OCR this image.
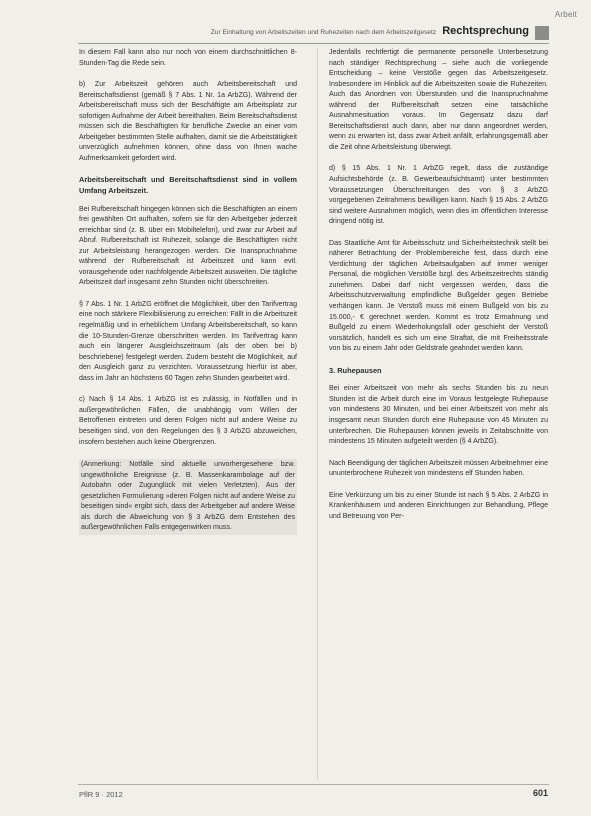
Arbeit
Zur Einhaltung von Arbeitszeiten und Ruhezeiten nach dem Arbeitszeitgesetz Rechtsprechung

In diesem Fall kann also nur noch von einem durchschnittlichen 8-Stunden-Tag die Rede sein.

b) Zur Arbeitszeit gehören auch Arbeitsbereitschaft und Bereitschaftsdienst (gemäß § 7 Abs. 1 Nr. 1a ArbZG). Während der Arbeitsbereitschaft muss sich der Beschäftigte am Arbeitsplatz zur sofortigen Aufnahme der Arbeit bereithalten. Beim Bereitschaftsdienst müssen sich die Beschäftigten für berufliche Zwecke an einer vom Arbeitgeber bestimmten Stelle aufhalten, damit sie die Arbeitstätigkeit unverzüglich aufnehmen können, ohne dass von Ihnen wache Aufmerksamkeit gefordert wird.

Arbeitsbereitschaft und Bereitschaftsdienst sind in vollem Umfang Arbeitszeit.

Bei Rufbereitschaft hingegen können sich die Beschäftigten an einem frei gewählten Ort aufhalten, sofern sie für den Arbeitgeber jederzeit erreichbar sind (z. B. über ein Mobiltelefon), und zwar zur Arbeit auf Abruf. Rufbereitschaft ist Ruhezeit, solange die Beschäftigten nicht zur Arbeitsleistung herangezogen werden. Die Inanspruchnahme während der Rufbereitschaft ist Arbeitszeit und kann evtl. vorausgehende oder nachfolgende Arbeitszeit ausweiten. Die tägliche Arbeitszeit darf insgesamt zehn Stunden nicht überschreiten.

§ 7 Abs. 1 Nr. 1 ArbZG eröffnet die Möglichkeit, über den Tarifvertrag eine noch stärkere Flexibilisierung zu erreichen: Fällt in die Arbeitszeit regelmäßig und in erheblichem Umfang Arbeitsbereitschaft, so kann die 10-Stunden-Grenze überschritten werden. Im Tarifvertrag kann auch ein längerer Ausgleichszeitraum (als der oben bei b) beschriebene) festgelegt werden. Zudem besteht die Möglichkeit, auf den Ausgleich ganz zu verzichten. Voraussetzung hierfür ist aber, dass im Jahr an höchstens 60 Tagen zehn Stunden gearbeitet wird.

c) Nach § 14 Abs. 1 ArbZG ist es zulässig, in Notfällen und in außergewöhnlichen Fällen, die unabhängig vom Willen der Betroffenen eintreten und deren Folgen nicht auf andere Weise zu beseitigen sind, von den Regelungen des § 3 ArbZG abzuweichen, insofern bestehen auch keine Obergrenzen.

(Anmerkung: Notfälle sind aktuelle unvorhergesehene bzw. ungewöhnliche Ereignisse (z. B. Massenkarambolage auf der Autobahn oder Zugunglück mit vielen Verletzten). Aus der gesetzlichen Formulierung »deren Folgen nicht auf andere Weise zu beseitigen sind« ergibt sich, dass der Arbeitgeber auf andere Weise als durch die Abweichung von § 3 ArbZG dem Entstehen des außergewöhnlichen Falls entgegenwirken muss.

Jedenfalls rechtfertigt die permanente personelle Unterbesetzung nach ständiger Rechtsprechung – siehe auch die vorliegende Entscheidung – keine Verstöße gegen das Arbeitszeitgesetz. Insbesondere im Hinblick auf die Arbeitszeiten sowie die Ruhezeiten. Auch das Anordnen von Überstunden und die Inanspruchnahme während der Rufbereitschaft setzen eine tatsächliche Ausnahmesituation voraus. Im Gegensatz dazu darf Bereitschaftsdienst auch dann, aber nur dann angeordnet werden, wenn zu erwarten ist, dass zwar Arbeit anfällt, erfahrungsgemäß aber die Zeit ohne Arbeitsleistung überwiegt.

d) § 15 Abs. 1 Nr. 1 ArbZG regelt, dass die zuständige Aufsichtsbehörde (z. B. Gewerbeaufsichtsamt) unter bestimmten Voraussetzungen Überschreitungen des von § 3 ArbZG vorgegebenen Zeitrahmens bewilligen kann. Nach § 15 Abs. 2 ArbZG sind weitere Ausnahmen möglich, wenn dies im öffentlichen Interesse dringend nötig ist.

Das Staatliche Amt für Arbeitsschutz und Sicherheitstechnik stellt bei näherer Betrachtung der Problembereiche fest, dass durch eine Verdichtung der täglichen Arbeitsaufgaben auf immer weniger Personal, die möglichen Verstöße bzgl. des Arbeitszeitrechts ständig zunehmen. Dabei darf nicht vergessen werden, dass die Arbeitsschutzverwaltung empfindliche Bußgelder gegen Betriebe verhängen kann. Je Verstoß muss mit einem Bußgeld von bis zu 15.000,- € gerechnet werden. Kommt es trotz Ermahnung und Bußgeld zu einem Wiederholungsfall oder geschieht der Verstoß vorsätzlich, handelt es sich um eine Straftat, die mit Freiheitsstrafe von bis zu einem Jahr oder Geldstrafe geahndet werden kann.

3. Ruhepausen

Bei einer Arbeitszeit von mehr als sechs Stunden bis zu neun Stunden ist die Arbeit durch eine im Voraus festgelegte Ruhepause von mindestens 30 Minuten, und bei einer Arbeitszeit von mehr als insgesamt neun Stunden durch eine Ruhepause von 45 Minuten zu unterbrechen. Die Ruhepausen können jeweils in Zeitabschnitte von mindestens 15 Minuten aufgeteilt werden (§ 4 ArbZG).

Nach Beendigung der täglichen Arbeitszeit müssen Arbeitnehmer eine ununterbrochene Ruhezeit von mindestens elf Stunden haben.

Eine Verkürzung um bis zu einer Stunde ist nach § 5 Abs. 2 ArbZG in Krankenhäusern und anderen Einrichtungen zur Behandlung, Pflege und Betreuung von Per-

PflR 9 · 2012	601
